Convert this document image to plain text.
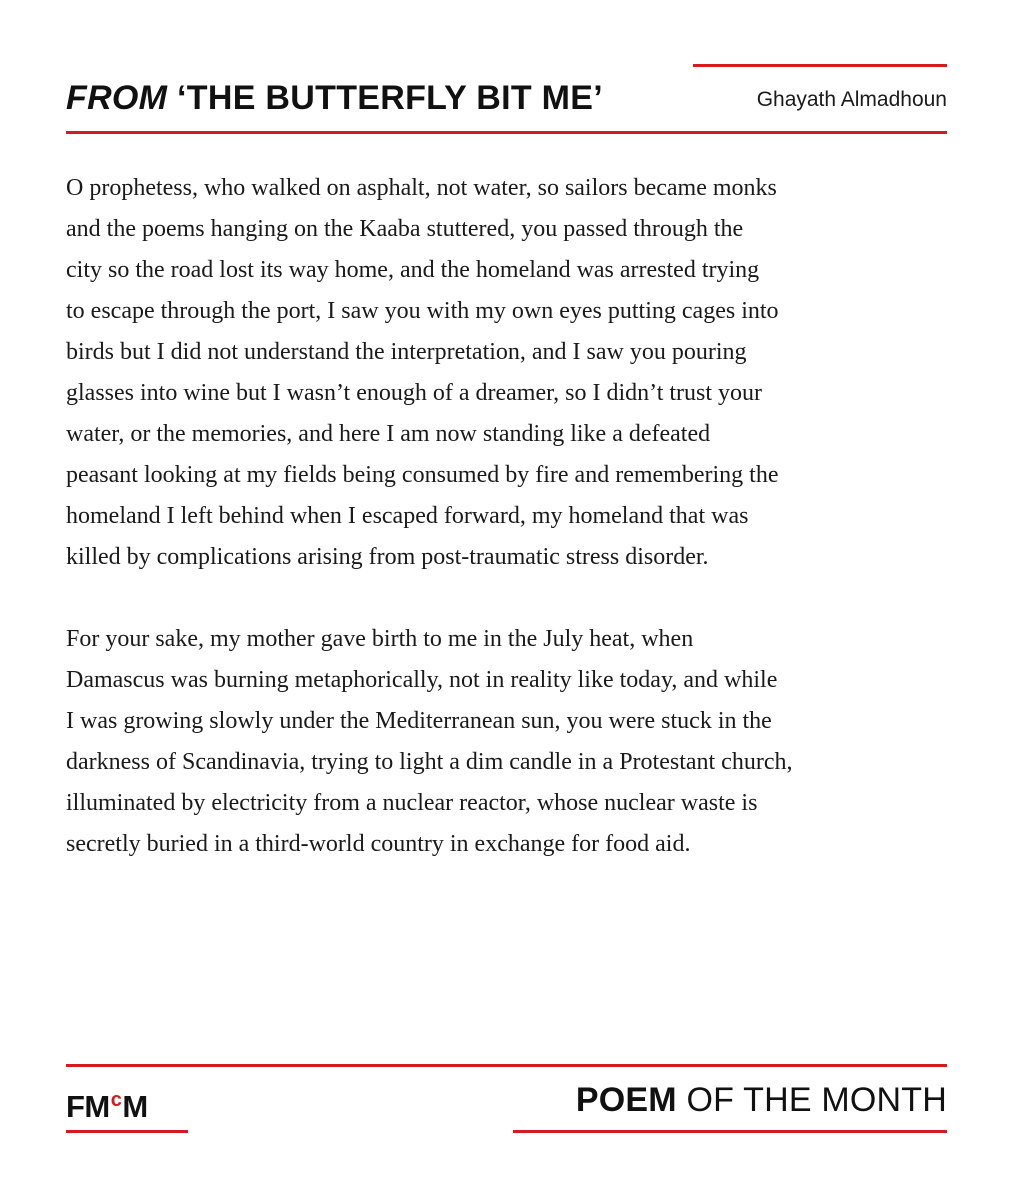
FROM ‘THE BUTTERFLY BIT ME’	Ghayath Almadhoun

O prophetess, who walked on asphalt, not water, so sailors became monks
and the poems hanging on the Kaaba stuttered, you passed through the
city so the road lost its way home, and the homeland was arrested trying
to escape through the port, I saw you with my own eyes putting cages into
birds but I did not understand the interpretation, and I saw you pouring
glasses into wine but I wasn’t enough of a dreamer, so I didn’t trust your
water, or the memories, and here I am now standing like a defeated
peasant looking at my fields being consumed by fire and remembering the
homeland I left behind when I escaped forward, my homeland that was
killed by complications arising from post-traumatic stress disorder.

For your sake, my mother gave birth to me in the July heat, when
Damascus was burning metaphorically, not in reality like today, and while
I was growing slowly under the Mediterranean sun, you were stuck in the
darkness of Scandinavia, trying to light a dim candle in a Protestant church,
illuminated by electricity from a nuclear reactor, whose nuclear waste is
secretly buried in a third-world country in exchange for food aid.

$FM^cM$	POEM OF THE MONTH
